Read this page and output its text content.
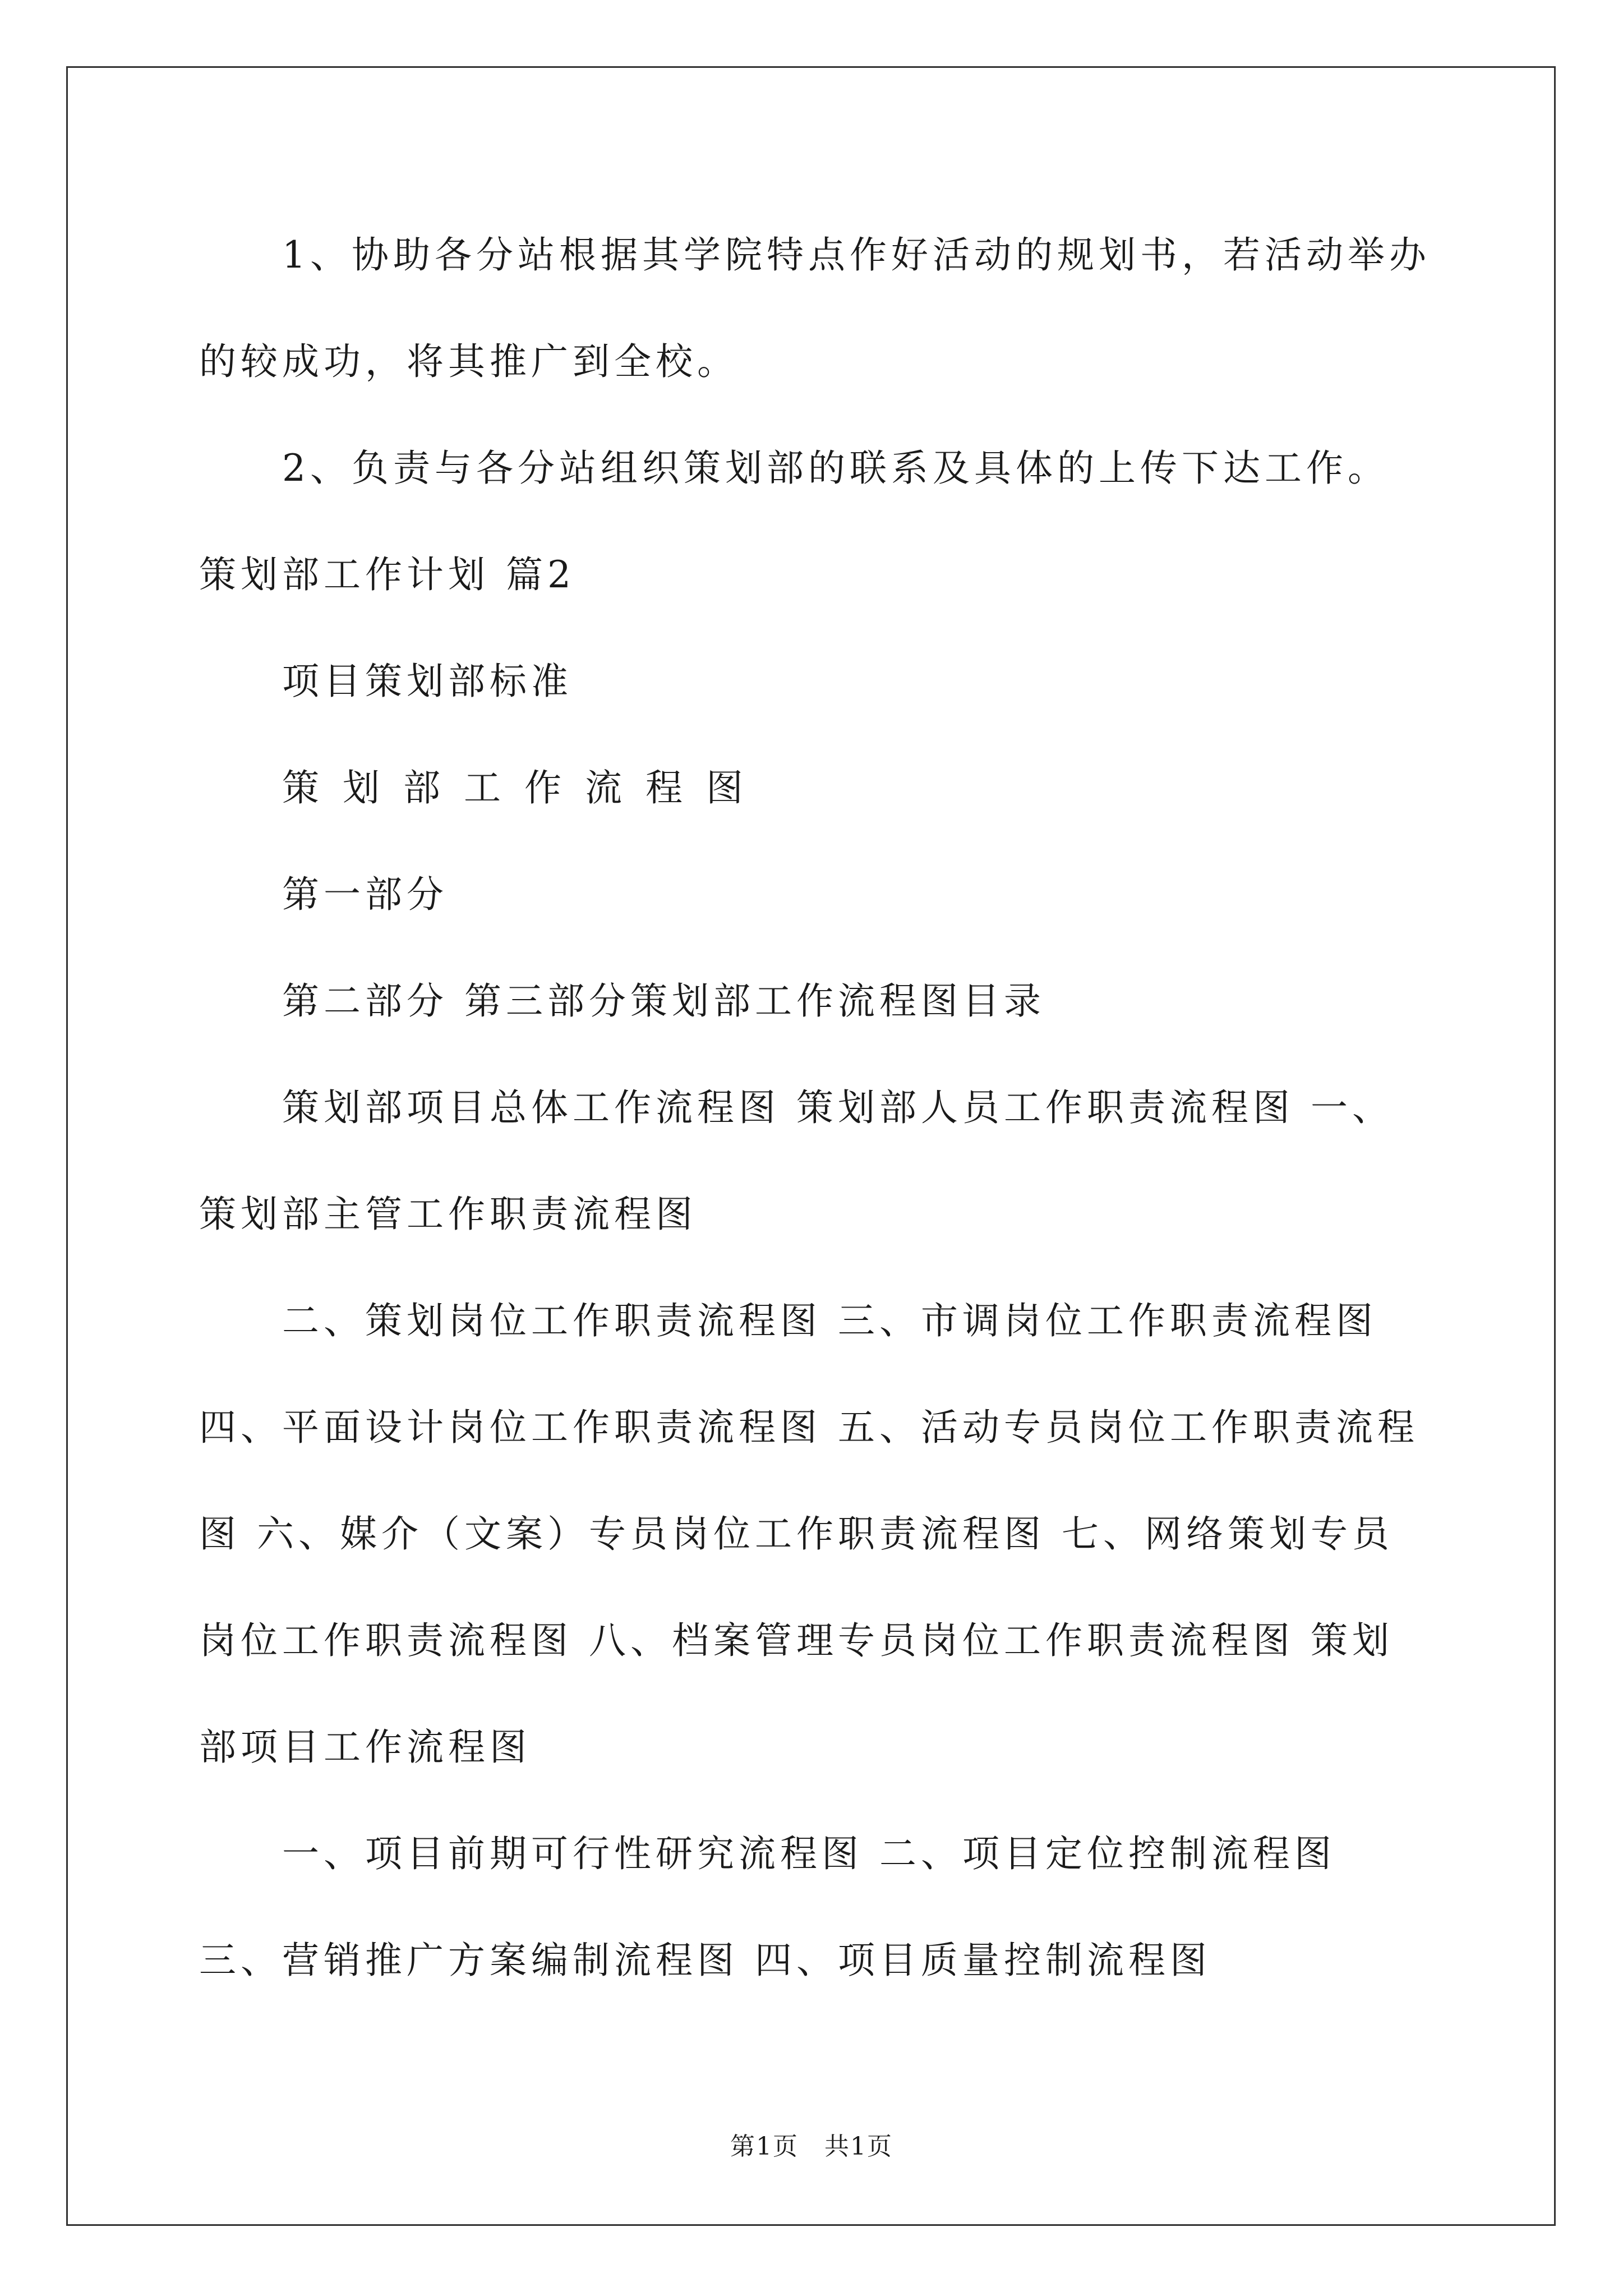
1、协助各分站根据其学院特点作好活动的规划书，若活动举办的较成功，将其推广到全校。

2、负责与各分站组织策划部的联系及具体的上传下达工作。

策划部工作计划 篇2

项目策划部标准

策划部工作流程图

第一部分

第二部分 第三部分策划部工作流程图目录

策划部项目总体工作流程图 策划部人员工作职责流程图 一、策划部主管工作职责流程图

二、策划岗位工作职责流程图 三、市调岗位工作职责流程图 四、平面设计岗位工作职责流程图 五、活动专员岗位工作职责流程图 六、媒介（文案）专员岗位工作职责流程图 七、网络策划专员岗位工作职责流程图 八、档案管理专员岗位工作职责流程图 策划部项目工作流程图

一、项目前期可行性研究流程图 二、项目定位控制流程图 三、营销推广方案编制流程图 四、项目质量控制流程图

第1页　共1页
